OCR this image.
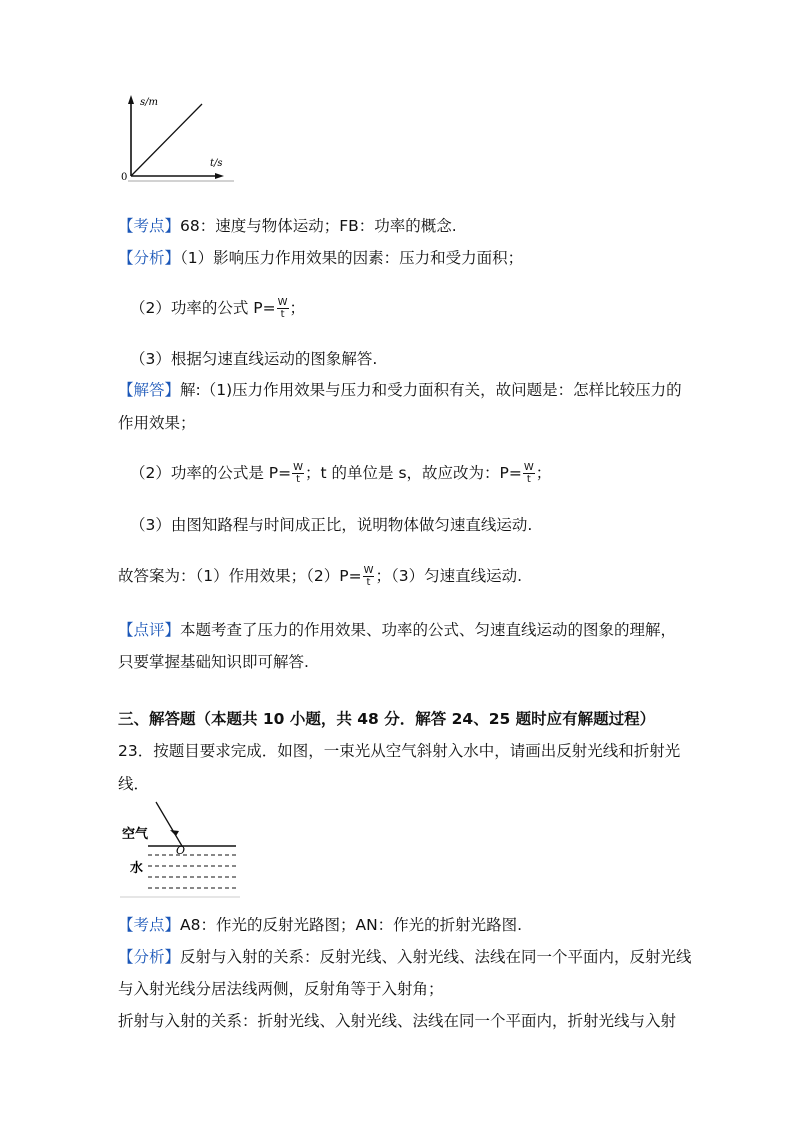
s/m
t/s
0
【考点】68：速度与物体运动；FB：功率的概念.
【分析】（1）影响压力作用效果的因素：压力和受力面积；
（2）功率的公式 $P= \frac{W}{t}$ ；
（3）根据匀速直线运动的图象解答.
【解答】解:（1)压力作用效果与压力和受力面积有关，故问题是：怎样比较压力的
作用效果；
（2）功率的公式是 $P= \frac{W}{t}$ ；t 的单位是 s，故应改为：$P= \frac{W}{t}$ ；
（3）由图知路程与时间成正比，说明物体做匀速直线运动.
故答案为：（1）作用效果；$(2)P= \frac{W}{t}$ ；（3）匀速直线运动.
【点评】本题考查了压力的作用效果、功率的公式、匀速直线运动的图象的理解，
只要掌握基础知识即可解答.
三、解答题（本题共 10 小题，共 48 分．解答 24、25 题时应有解题过程）
23．按题目要求完成．如图，一束光从空气斜射入水中，请画出反射光线和折射光
线．
空气
水
O
【考点】A8：作光的反射光路图；AN：作光的折射光路图.
【分析】反射与入射的关系：反射光线、入射光线、法线在同一个平面内，反射光线
与入射光线分居法线两侧，反射角等于入射角；
折射与入射的关系：折射光线、入射光线、法线在同一个平面内，折射光线与入射
